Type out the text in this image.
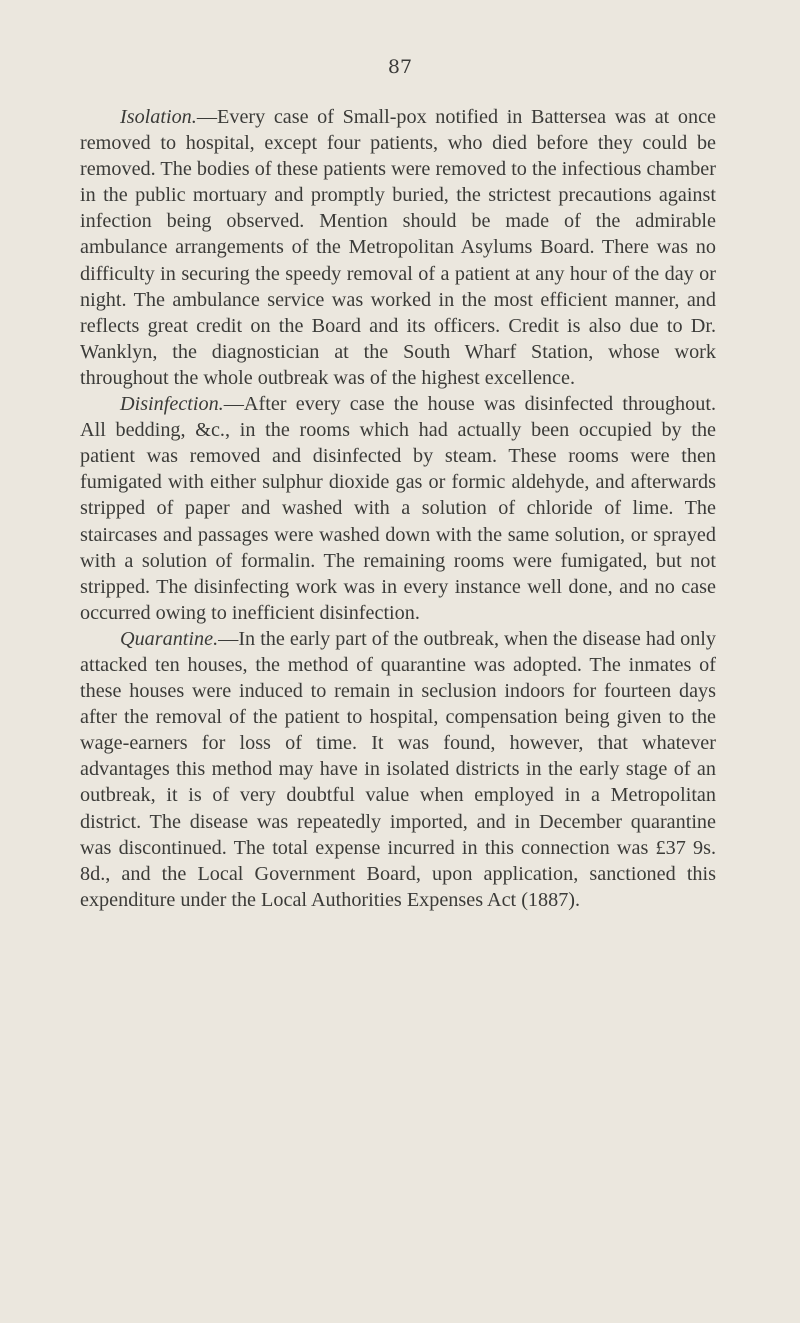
87

Isolation.—Every case of Small-pox notified in Battersea was at once removed to hospital, except four patients, who died before they could be removed. The bodies of these patients were removed to the infectious chamber in the public mortuary and promptly buried, the strictest precautions against infection being observed. Mention should be made of the admirable ambulance arrangements of the Metropolitan Asylums Board. There was no difficulty in securing the speedy removal of a patient at any hour of the day or night. The ambulance service was worked in the most efficient manner, and reflects great credit on the Board and its officers. Credit is also due to Dr. Wanklyn, the diagnostician at the South Wharf Station, whose work throughout the whole outbreak was of the highest excellence.

Disinfection.—After every case the house was disinfected throughout. All bedding, &c., in the rooms which had actually been occupied by the patient was removed and disinfected by steam. These rooms were then fumigated with either sulphur dioxide gas or formic aldehyde, and afterwards stripped of paper and washed with a solution of chloride of lime. The staircases and passages were washed down with the same solution, or sprayed with a solution of formalin. The remaining rooms were fumigated, but not stripped. The disinfecting work was in every instance well done, and no case occurred owing to inefficient disinfection.

Quarantine.—In the early part of the outbreak, when the disease had only attacked ten houses, the method of quarantine was adopted. The inmates of these houses were induced to remain in seclusion indoors for fourteen days after the removal of the patient to hospital, compensation being given to the wage-earners for loss of time. It was found, however, that whatever advantages this method may have in isolated districts in the early stage of an outbreak, it is of very doubtful value when employed in a Metropolitan district. The disease was repeatedly imported, and in December quarantine was discontinued. The total expense incurred in this connection was £37 9s. 8d., and the Local Government Board, upon application, sanctioned this expenditure under the Local Authorities Expenses Act (1887).
